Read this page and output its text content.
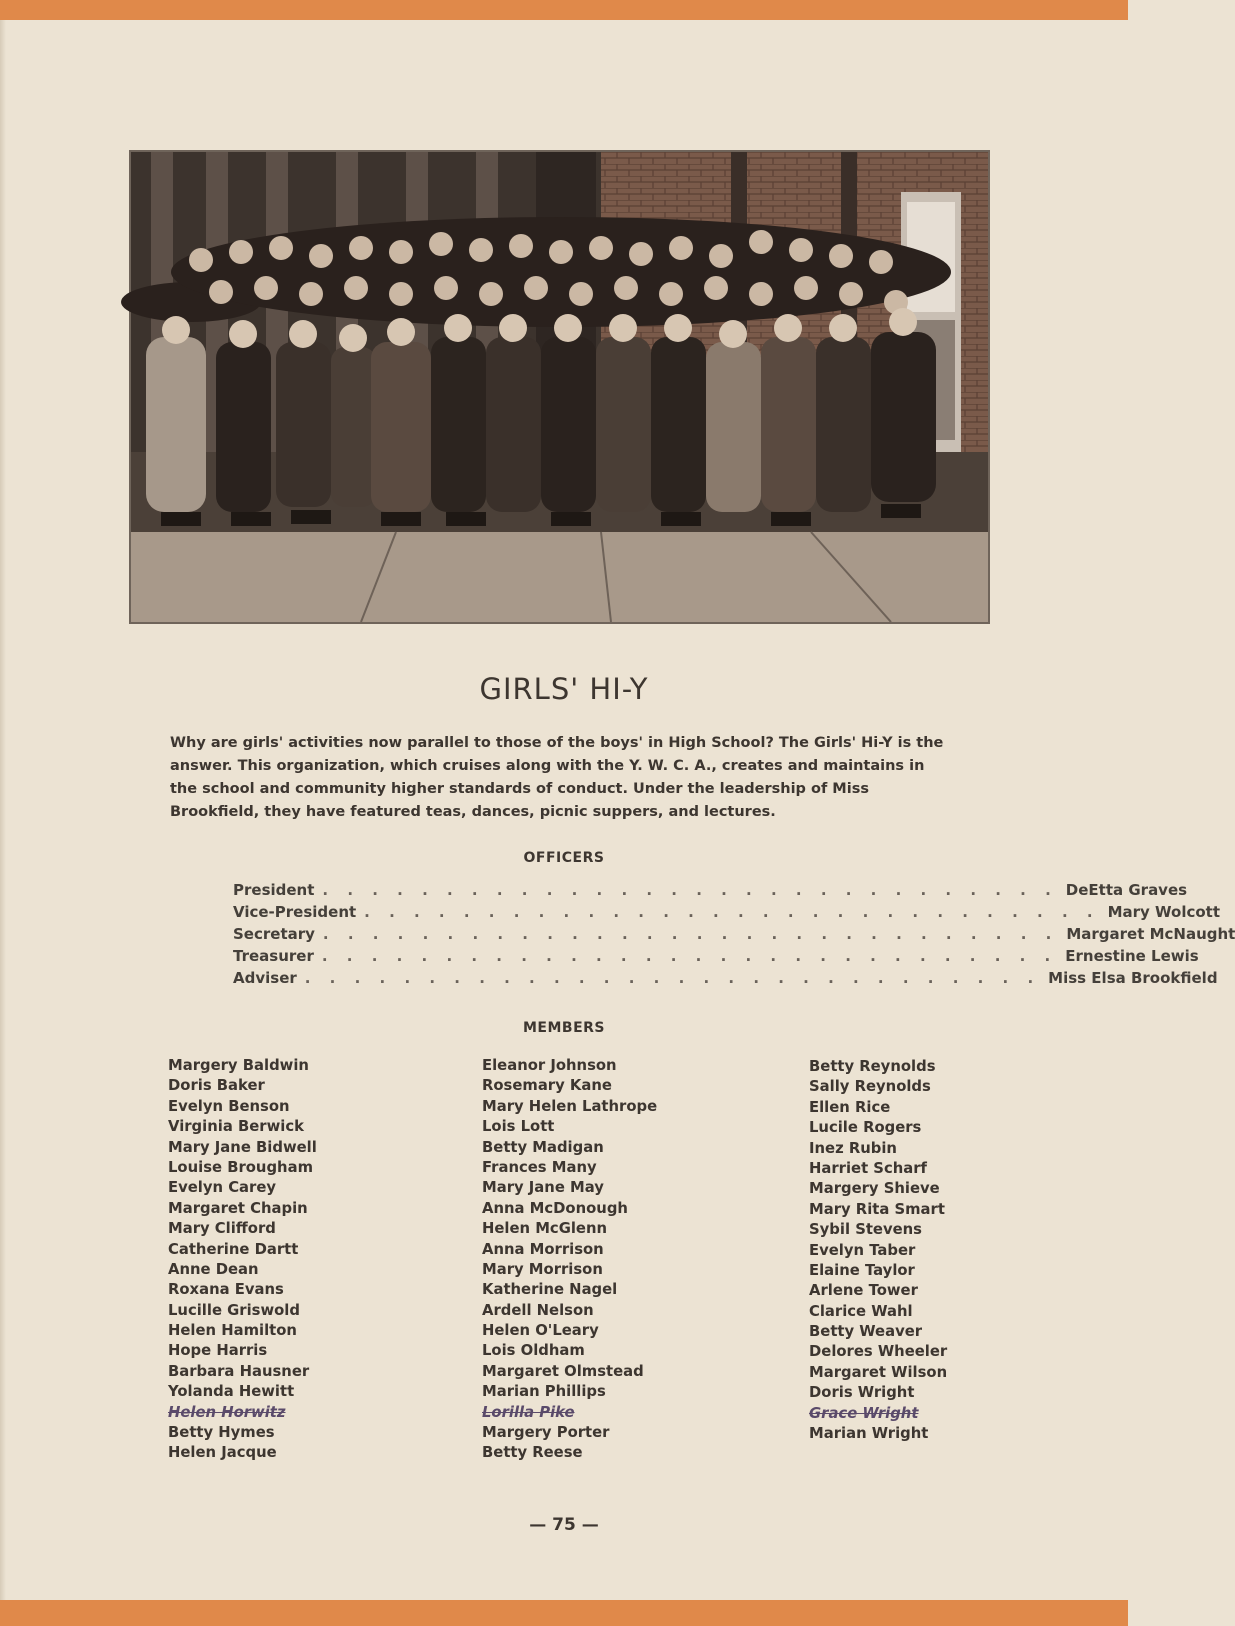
GIRLS' HI-Y

Why are girls' activities now parallel to those of the boys' in High School? The Girls' Hi-Y is the answer. This organization, which cruises along with the Y. W. C. A., creates and maintains in the school and community higher standards of conduct. Under the leadership of Miss Brookfield, they have featured teas, dances, picnic suppers, and lectures.

OFFICERS
President . . . . . . . . . . . . . . . . . . . . . . . . . . . . . . DeEtta Graves
Vice-President . . . . . . . . . . . . . . . . . . . . . . . . . . . . . . Mary Wolcott
Secretary . . . . . . . . . . . . . . . . . . . . . . . . . . . . . . Margaret McNaught
Treasurer . . . . . . . . . . . . . . . . . . . . . . . . . . . . . . Ernestine Lewis
Adviser . . . . . . . . . . . . . . . . . . . . . . . . . . . . . . Miss Elsa Brookfield
MEMBERS
Margery Baldwin
Doris Baker
Evelyn Benson
Virginia Berwick
Mary Jane Bidwell
Louise Brougham
Evelyn Carey
Margaret Chapin
Mary Clifford
Catherine Dartt
Anne Dean
Roxana Evans
Lucille Griswold
Helen Hamilton
Hope Harris
Barbara Hausner
Yolanda Hewitt
Helen Horwitz
Betty Hymes
Helen Jacque
Eleanor Johnson
Rosemary Kane
Mary Helen Lathrope
Lois Lott
Betty Madigan
Frances Many
Mary Jane May
Anna McDonough
Helen McGlenn
Anna Morrison
Mary Morrison
Katherine Nagel
Ardell Nelson
Helen O'Leary
Lois Oldham
Margaret Olmstead
Marian Phillips
Lorilla Pike
Margery Porter
Betty Reese
Betty Reynolds
Sally Reynolds
Ellen Rice
Lucile Rogers
Inez Rubin
Harriet Scharf
Margery Shieve
Mary Rita Smart
Sybil Stevens
Evelyn Taber
Elaine Taylor
Arlene Tower
Clarice Wahl
Betty Weaver
Delores Wheeler
Margaret Wilson
Doris Wright
Grace Wright
Marian Wright
— 75 —
